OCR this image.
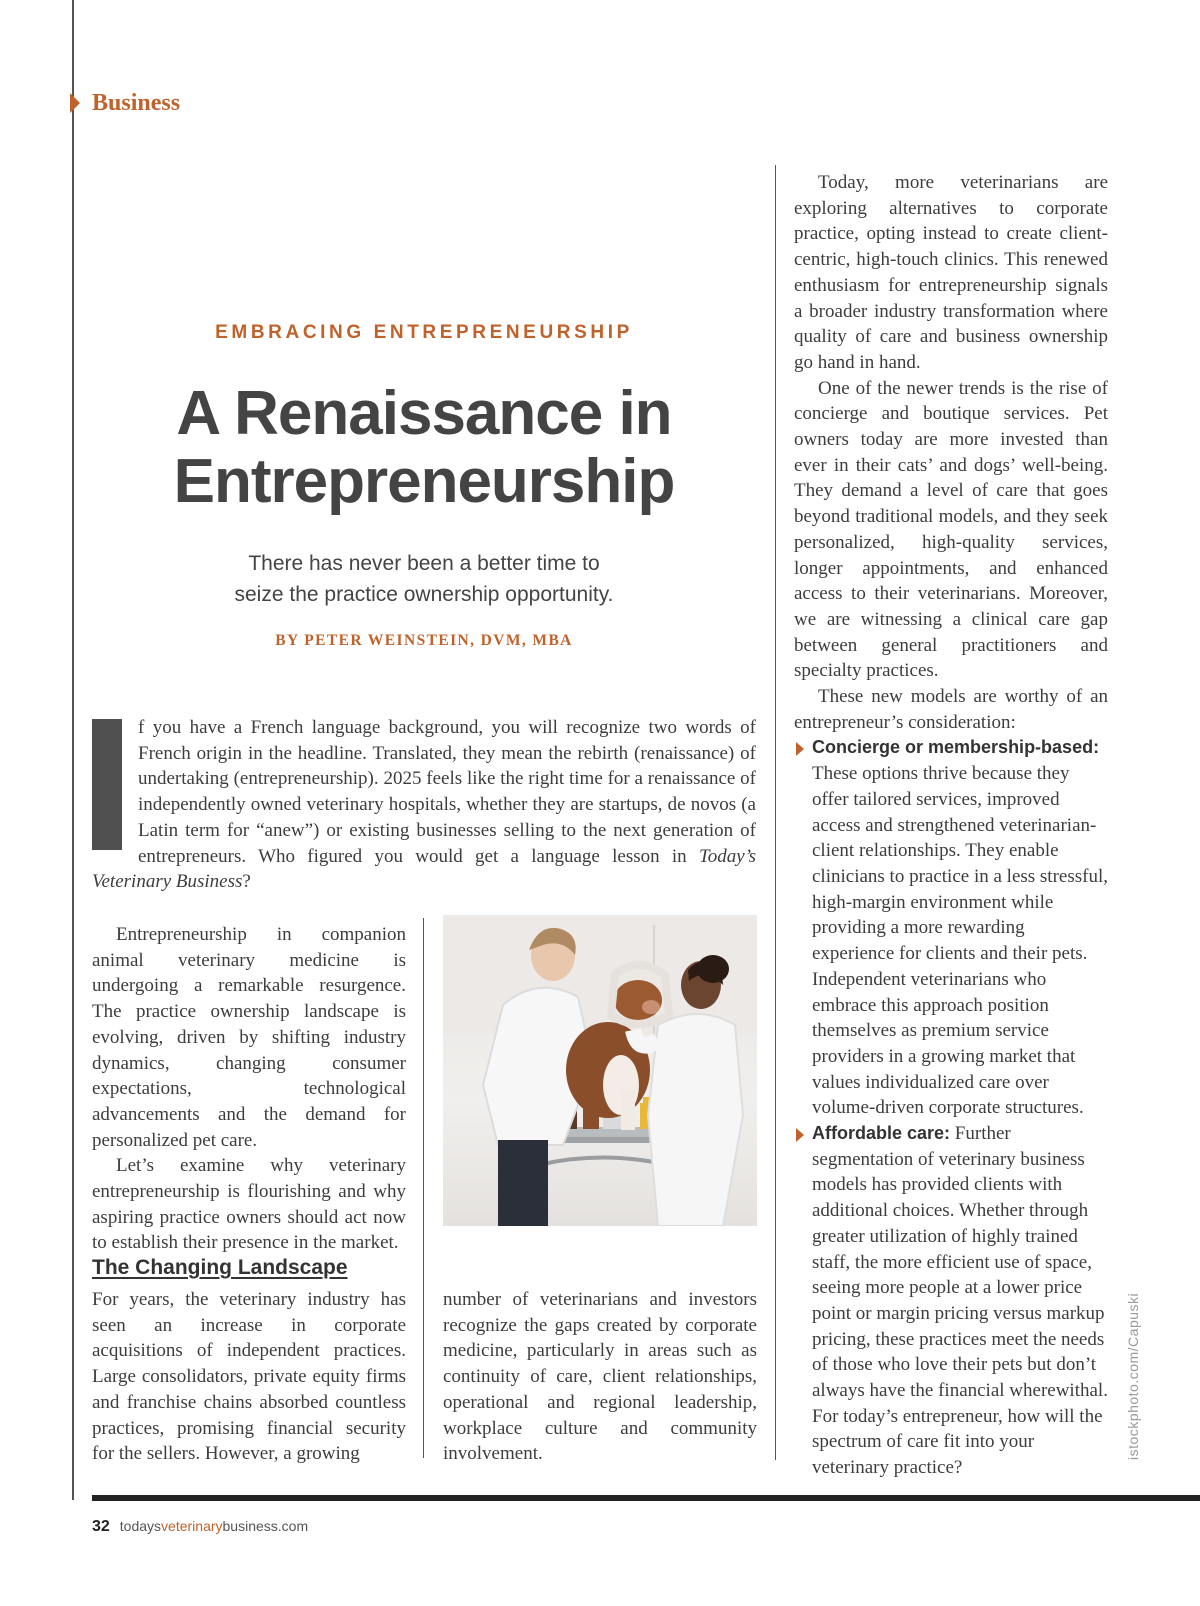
Business
EMBRACING ENTREPRENEURSHIP
A Renaissance in
Entrepreneurship
There has never been a better time to
seize the practice ownership opportunity.
BY PETER WEINSTEIN, DVM, MBA

f you have a French language background, you will recognize two words of French origin in the headline. Translated, they mean the rebirth (renaissance) of undertaking (entrepreneurship). 2025 feels like the right time for a renaissance of independently owned veterinary hospitals, whether they are startups, de novos (a Latin term for “anew”) or existing businesses selling to the next generation of entrepreneurs. Who figured you would get a language lesson in Today’s Veterinary Business?

Entrepreneurship in companion animal veterinary medicine is undergoing a remarkable resurgence. The practice ownership landscape is evolving, driven by shifting industry dynamics, changing consumer expectations, technological advancements and the demand for personalized pet care.

Let’s examine why veterinary entrepreneurship is flourishing and why aspiring practice owners should act now to establish their presence in the market.

The Changing Landscape

For years, the veterinary industry has seen an increase in corporate acquisitions of independent practices. Large consolidators, private equity firms and franchise chains absorbed countless practices, promising financial security for the sellers. However, a growing

number of veterinarians and investors recognize the gaps created by corporate medicine, particularly in areas such as continuity of care, client relationships, operational and regional leadership, workplace culture and community involvement.

Today, more veterinarians are exploring alternatives to corporate practice, opting instead to create client-centric, high-touch clinics. This renewed enthusiasm for entrepreneurship signals a broader industry transformation where quality of care and business ownership go hand in hand.

One of the newer trends is the rise of concierge and boutique services. Pet owners today are more invested than ever in their cats’ and dogs’ well-being. They demand a level of care that goes beyond traditional models, and they seek personalized, high-quality services, longer appointments, and enhanced access to their veterinarians. Moreover, we are witnessing a clinical care gap between general practitioners and specialty practices.

These new models are worthy of an entrepreneur’s consideration:

Concierge or membership-based: These options thrive because they offer tailored services, improved access and strengthened veterinarian-client relationships. They enable clinicians to practice in a less stressful, high-margin environment while providing a more rewarding experience for clients and their pets. Independent veterinarians who embrace this approach position themselves as premium service providers in a growing market that values individualized care over volume-driven corporate structures.

Affordable care: Further segmentation of veterinary business models has provided clients with additional choices. Whether through greater utilization of highly trained staff, the more efficient use of space, seeing more people at a lower price point or margin pricing versus markup pricing, these practices meet the needs of those who love their pets but don’t always have the financial wherewithal. For today’s entrepreneur, how will the spectrum of care fit into your veterinary practice?

istockphoto.com/Capuski
32 todaysveterinarybusiness.com
